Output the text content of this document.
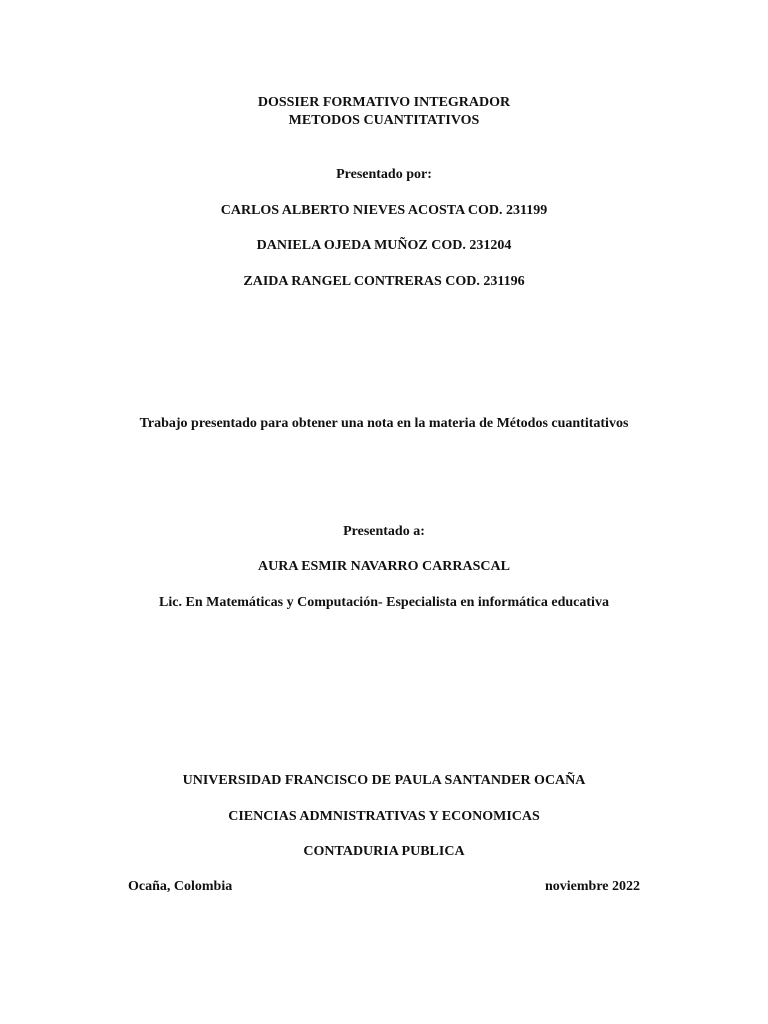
DOSSIER FORMATIVO INTEGRADOR
METODOS CUANTITATIVOS
Presentado por:
CARLOS ALBERTO NIEVES ACOSTA COD. 231199
DANIELA OJEDA MUÑOZ COD. 231204
ZAIDA RANGEL CONTRERAS COD. 231196
Trabajo presentado para obtener una nota en la materia de Métodos cuantitativos
Presentado a:
AURA ESMIR NAVARRO CARRASCAL
Lic. En Matemáticas y Computación- Especialista en informática educativa
UNIVERSIDAD FRANCISCO DE PAULA SANTANDER OCAÑA
CIENCIAS ADMNISTRATIVAS Y ECONOMICAS
CONTADURIA PUBLICA
Ocaña, Colombia	noviembre 2022
